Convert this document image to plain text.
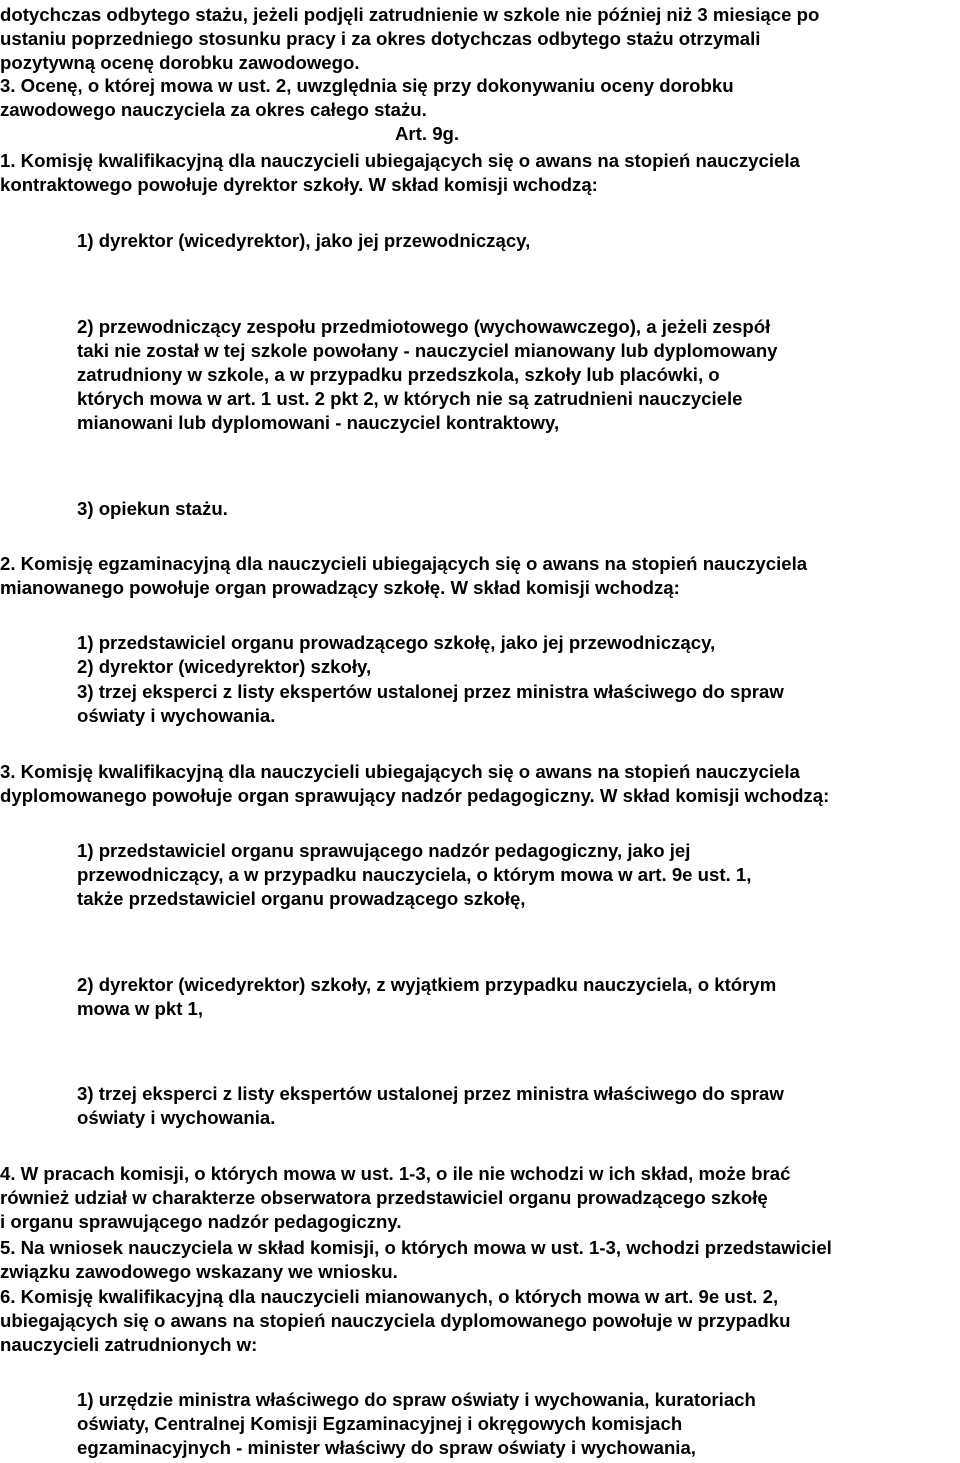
dotychczas odbytego stażu, jeżeli podjęli zatrudnienie w szkole nie później niż 3 miesiące po

ustaniu poprzedniego stosunku pracy i za okres dotychczas odbytego stażu otrzymali

pozytywną ocenę dorobku zawodowego.

3. Ocenę, o której mowa w ust. 2, uwzględnia się przy dokonywaniu oceny dorobku

zawodowego nauczyciela za okres całego stażu.

Art. 9g.

1. Komisję kwalifikacyjną dla nauczycieli ubiegających się o awans na stopień nauczyciela

kontraktowego powołuje dyrektor szkoły. W skład komisji wchodzą:

1) dyrektor (wicedyrektor), jako jej przewodniczący,

2) przewodniczący zespołu przedmiotowego (wychowawczego), a jeżeli zespół

taki nie został w tej szkole powołany - nauczyciel mianowany lub dyplomowany

zatrudniony w szkole, a w przypadku przedszkola, szkoły lub placówki, o

których mowa w art. 1 ust. 2 pkt 2, w których nie są zatrudnieni nauczyciele

mianowani lub dyplomowani - nauczyciel kontraktowy,

3) opiekun stażu.

2. Komisję egzaminacyjną dla nauczycieli ubiegających się o awans na stopień nauczyciela

mianowanego powołuje organ prowadzący szkołę. W skład komisji wchodzą:

1) przedstawiciel organu prowadzącego szkołę, jako jej przewodniczący,

2) dyrektor (wicedyrektor) szkoły,

3) trzej eksperci z listy ekspertów ustalonej przez ministra właściwego do spraw

oświaty i wychowania.

3. Komisję kwalifikacyjną dla nauczycieli ubiegających się o awans na stopień nauczyciela

dyplomowanego powołuje organ sprawujący nadzór pedagogiczny. W skład komisji wchodzą:

1) przedstawiciel organu sprawującego nadzór pedagogiczny, jako jej

przewodniczący, a w przypadku nauczyciela, o którym mowa w art. 9e ust. 1,

także przedstawiciel organu prowadzącego szkołę,

2) dyrektor (wicedyrektor) szkoły, z wyjątkiem przypadku nauczyciela, o którym

mowa w pkt 1,

3) trzej eksperci z listy ekspertów ustalonej przez ministra właściwego do spraw

oświaty i wychowania.

4. W pracach komisji, o których mowa w ust. 1-3, o ile nie wchodzi w ich skład, może brać

również udział w charakterze obserwatora przedstawiciel organu prowadzącego szkołę

i organu sprawującego nadzór pedagogiczny.

5. Na wniosek nauczyciela w skład komisji, o których mowa w ust. 1-3, wchodzi przedstawiciel

związku zawodowego wskazany we wniosku.

6. Komisję kwalifikacyjną dla nauczycieli mianowanych, o których mowa w art. 9e ust. 2,

ubiegających się o awans na stopień nauczyciela dyplomowanego powołuje w przypadku

nauczycieli zatrudnionych w:

1) urzędzie ministra właściwego do spraw oświaty i wychowania, kuratoriach

oświaty, Centralnej Komisji Egzaminacyjnej i okręgowych komisjach

egzaminacyjnych - minister właściwy do spraw oświaty i wychowania,
